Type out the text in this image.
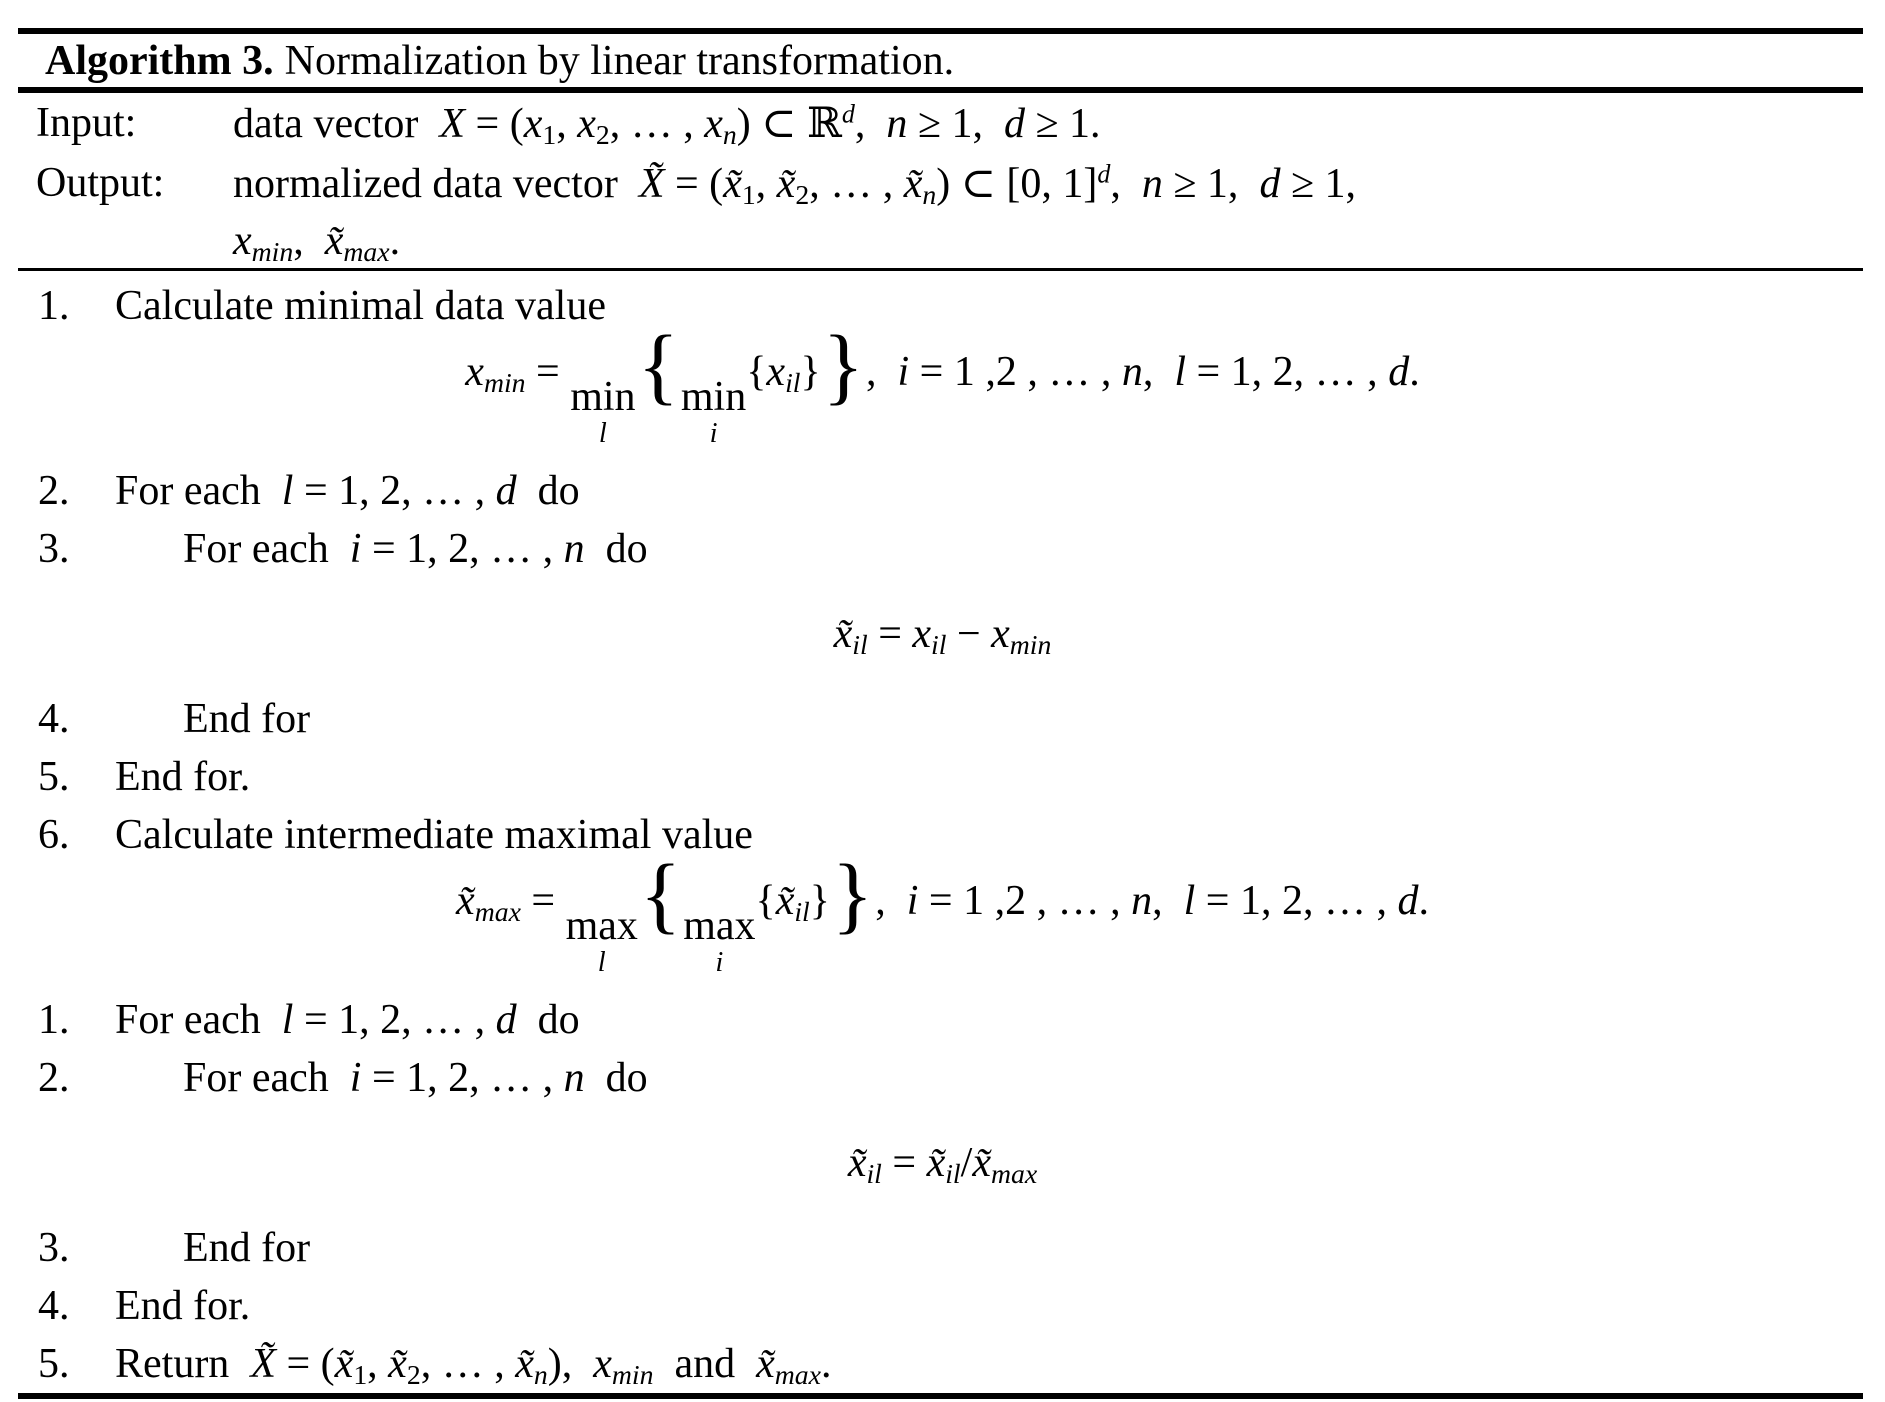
Algorithm 3. Normalization by linear transformation.
Input:	data vector  $X = (x_1$, $x_2$, … , $x_n$) ⊂ ℝ$^d$,  n ≥ 1,  d ≥ 1.
Output:	normalized data vector  X̃ = ($x̃_1$, $x̃_2$, … , $x̃_n$) ⊂ [0, 1]$^d$,  n ≥ 1,  d ≥ 1,
$x_{min}$,  $x̃_{max}$.
1.	Calculate minimal data value
$x_{min}$ =
min
l
{ min
i
$\{x_{il}\}$},  i = 1 ,2 , … , n,  l = 1, 2, … , d.
2.	For each  l = 1, 2, … , d  do
3.	For each  i = 1, 2, … , n  do
$x̃_{il} = x_{il} - x_{min}$
4.	End for
5.	End for.
6.	Calculate intermediate maximal value
$x̃_{max}$ =
max
l
{ max
i
$\{x̃_{il}\}$},  i = 1 ,2 , … , n,  l = 1, 2, … , d.
1.	For each  l = 1, 2, … , d  do
2.	For each  i = 1, 2, … , n  do
$x̃_{il}$ = $x̃_{il}/x̃_{max}$
3.	End for
4.	End for.
5.	Return  X̃ = ($x̃_1$, $x̃_2$, … , $x̃_n$),  $x_{min}$  and  $x̃_{max}$.
